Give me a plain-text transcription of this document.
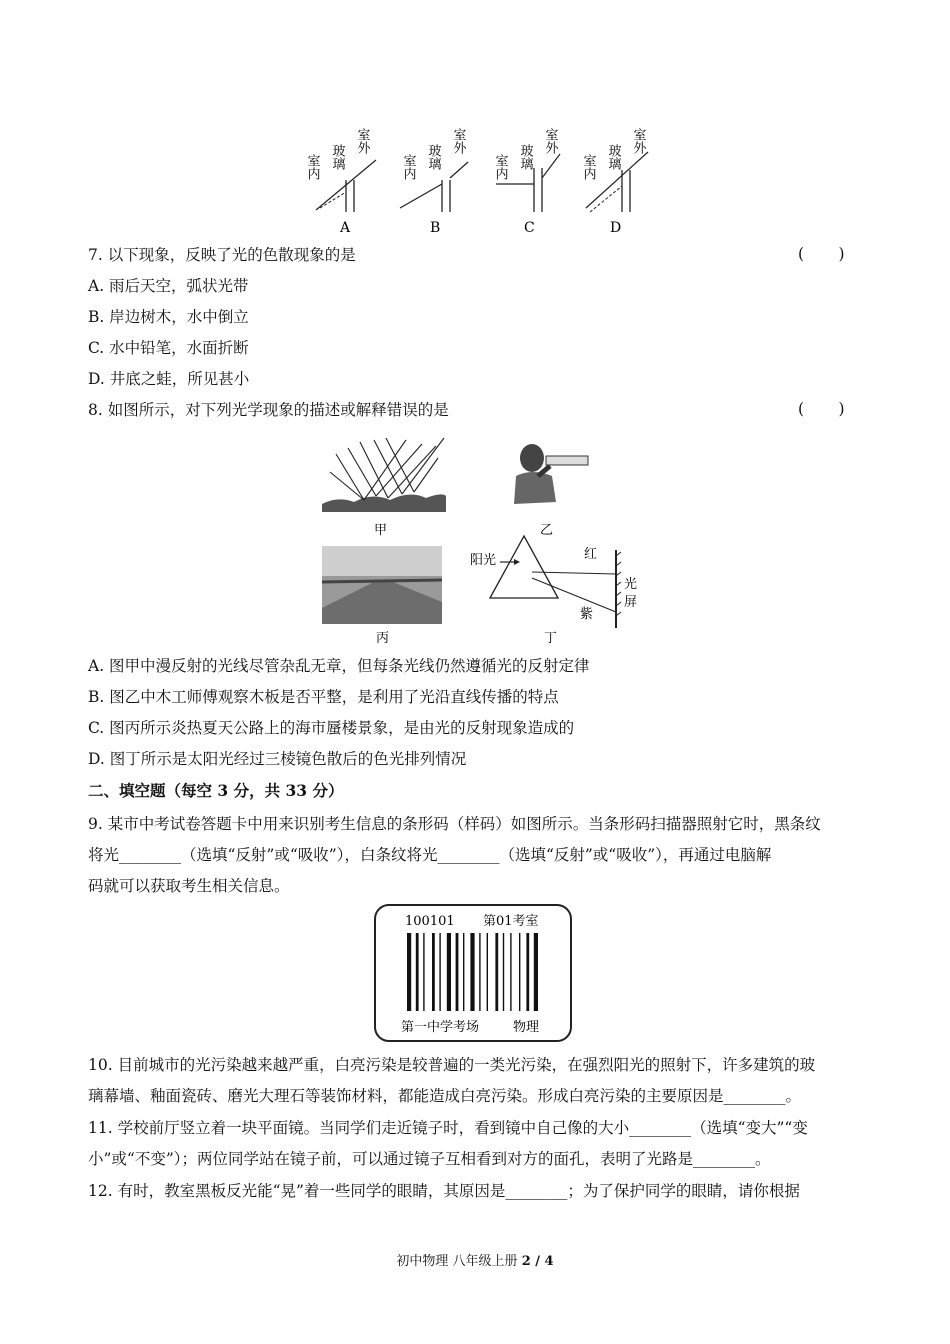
室内 玻璃
室外
A
室内 玻璃
室外
B
室内 玻璃
室外
C
室内 玻璃
室外
D
7. 以下现象，反映了光的色散现象的是	(       )
A. 雨后天空，弧状光带
B. 岸边树木，水中倒立
C. 水中铅笔，水面折断
D. 井底之蛙，所见甚小
8. 如图所示，对下列光学现象的描述或解释错误的是	(       )
甲	乙
丙
阳光	红
紫
光
屏
丁
A. 图甲中漫反射的光线尽管杂乱无章，但每条光线仍然遵循光的反射定律
B. 图乙中木工师傅观察木板是否平整，是利用了光沿直线传播的特点
C. 图丙所示炎热夏天公路上的海市蜃楼景象，是由光的反射现象造成的
D. 图丁所示是太阳光经过三棱镜色散后的色光排列情况
二、填空题（每空 3 分，共 33 分）
9. 某市中考试卷答题卡中用来识别考生信息的条形码（样码）如图所示。当条形码扫描器照射它时，黑条纹
将光________（选填“反射”或“吸收”），白条纹将光________（选填“反射”或“吸收”），再通过电脑解
码就可以获取考生相关信息。
100101 第01考室
第一中学考场	物理
10. 目前城市的光污染越来越严重，白亮污染是较普遍的一类光污染，在强烈阳光的照射下，许多建筑的玻
璃幕墙、釉面瓷砖、磨光大理石等装饰材料，都能造成白亮污染。形成白亮污染的主要原因是________。
11. 学校前厅竖立着一块平面镜。当同学们走近镜子时，看到镜中自己像的大小________（选填“变大”“变
小”或“不变”）；两位同学站在镜子前，可以通过镜子互相看到对方的面孔，表明了光路是________。
12. 有时，教室黑板反光能“晃”着一些同学的眼睛，其原因是________；为了保护同学的眼睛，请你根据
初中物理 八年级上册 2 / 4
